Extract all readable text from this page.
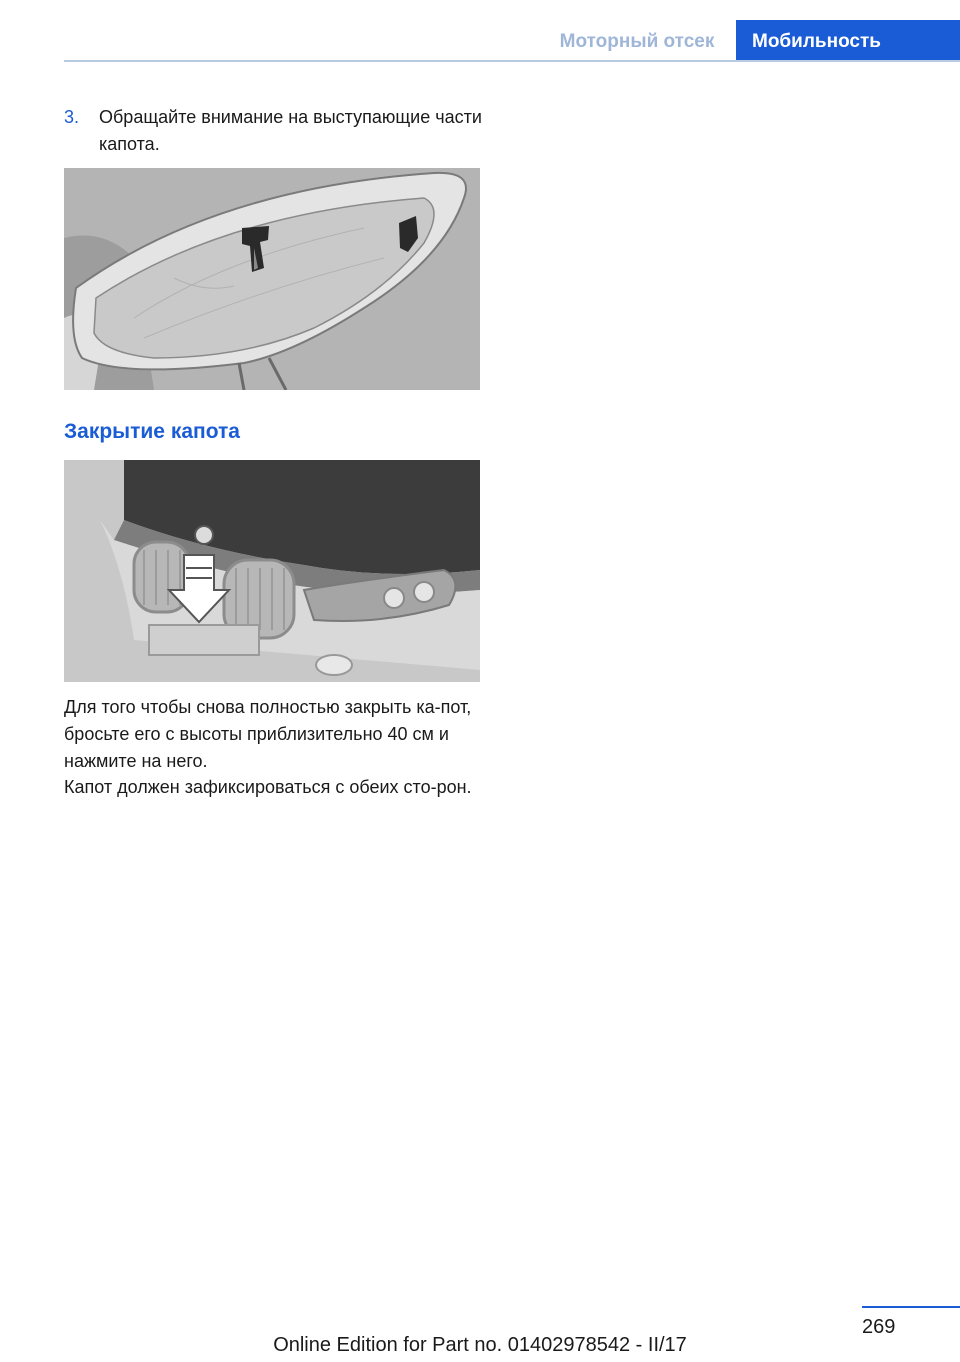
Моторный отсек	Мобильность
3. Обращайте внимание на выступающие части капота.
Закрытие капота
Для того чтобы снова полностью закрыть ка‐пот, бросьте его с высоты приблизительно 40 см и нажмите на него.
Капот должен зафиксироваться с обеих сто‐рон.
269
Online Edition for Part no. 01402978542 - II/17
